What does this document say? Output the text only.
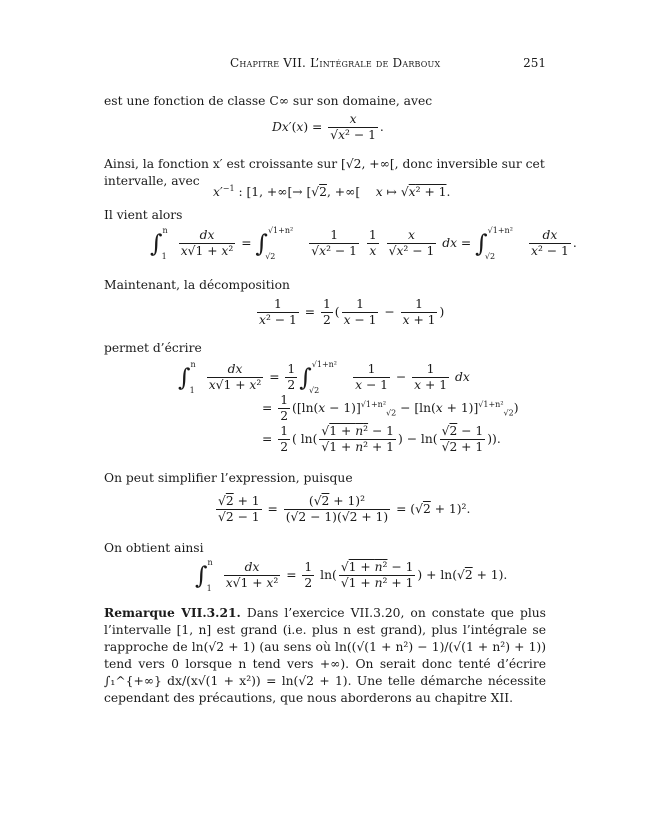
Chapitre VII. L’intégrale de Darboux	251
est une fonction de classe C∞ sur son domaine, avec
$Dx'(x) = \frac{x}{\text{√x² − 1}}$ .
Ainsi, la fonction x′ est croissante sur [√2, +∞[, donc inversible sur cet intervalle, avec
$x'^{-1}$ : [1, +∞[→ [√2, +∞[    x ↦ √x² + 1.
Il vient alors
$\int^n_1 \frac{dx}{\text{x√1 + x²}} = \int^{√1+n^2}_{√2}$	$\frac{1}{\text{√x² − 1}}$
$\frac{1}{x}$
$\frac{x}{\text{√x² − 1}}$ dx = ∫$^{√1+n^2}_{√2}$	$\frac{dx}{\text{x² − 1}}$ .
Maintenant, la décomposition
$\frac{1}{\text{x² − 1}} = \frac{1}{2}$ ( $\frac{1}{x - 1} - \frac{1}{x + 1}$ )
permet d’écrire
$\int^n_1 \frac{dx}{\text{x√1 + x²}} = \frac{1}{2} \int^{√1+n^2}_{√2}$	$\frac{1}{x - 1} - \frac{1}{x + 1}$ dx
= $\frac{1}{2} ([\ln(x - 1)]^{√1+n^2}_{√2} - [\ln(x + 1)]^{√1+n^2}_{√2})$
= $\frac{1}{2}$ ( $\ln( \frac{\text{√1 + n² − 1}}{\text{√1 + n² + 1}}$ ) − $\ln( \frac{√2 - 1}{√2 + 1}$ )).
On peut simplifier l’expression, puisque
$\frac{√2 + 1}{√2 - 1} = \frac{\text{(√2 + 1)²}}{(√2 - 1)(√2 + 1)} = (√2 + 1)^2$.
On obtient ainsi
$\int^n_1 \frac{dx}{\text{x√1 + x²}} = \frac{1}{2} \ln( \frac{\text{√1 + n² − 1}}{\text{√1 + n² + 1}}$ ) + ln(√2 + 1).
Remarque VII.3.21. Dans l’exercice VII.3.20, on constate que plus l’intervalle [1, n] est grand (i.e. plus n est grand), plus l’intégrale se rapproche de ln(√2 + 1) (au sens où ln((√(1 + n²) − 1)/(√(1 + n²) + 1)) tend vers 0 lorsque n tend vers +∞). On serait donc tenté d’écrire ∫₁^{+∞} dx/(x√(1 + x²)) = ln(√2 + 1). Une telle démarche nécessite cependant des précautions, que nous aborderons au chapitre XII.
